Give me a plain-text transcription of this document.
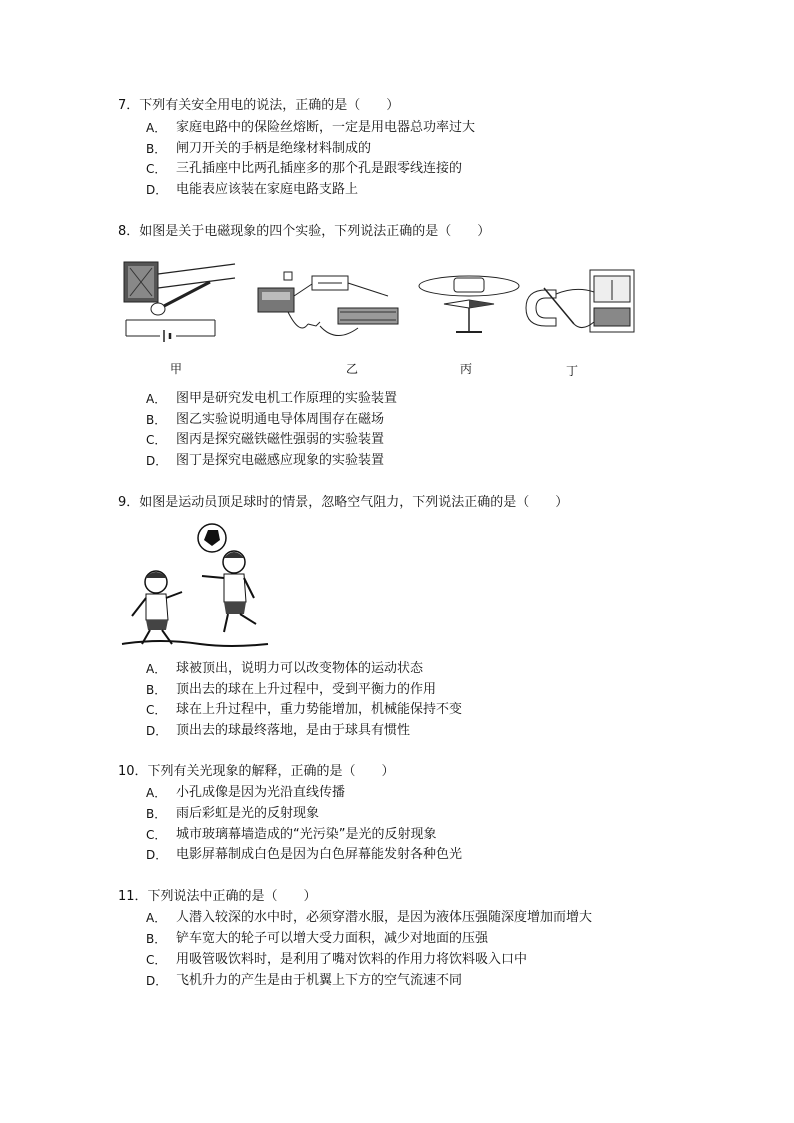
7．下列有关安全用电的说法，正确的是（　　）
A． 家庭电路中的保险丝熔断，一定是用电器总功率过大
B． 闸刀开关的手柄是绝缘材料制成的
C． 三孔插座中比两孔插座多的那个孔是跟零线连接的
D． 电能表应该装在家庭电路支路上
8．如图是关于电磁现象的四个实验，下列说法正确的是（　　）
甲	乙	丙	丁
A． 图甲是研究发电机工作原理的实验装置
B． 图乙实验说明通电导体周围存在磁场
C． 图丙是探究磁铁磁性强弱的实验装置
D． 图丁是探究电磁感应现象的实验装置
9．如图是运动员顶足球时的情景，忽略空气阻力，下列说法正确的是（　　）
A． 球被顶出，说明力可以改变物体的运动状态
B． 顶出去的球在上升过程中，受到平衡力的作用
C． 球在上升过程中，重力势能增加，机械能保持不变
D． 顶出去的球最终落地，是由于球具有惯性
10．下列有关光现象的解释，正确的是（　　）
A． 小孔成像是因为光沿直线传播
B． 雨后彩虹是光的反射现象
C． 城市玻璃幕墙造成的“光污染”是光的反射现象
D． 电影屏幕制成白色是因为白色屏幕能发射各种色光
11．下列说法中正确的是（　　）
A． 人潜入较深的水中时，必须穿潜水服，是因为液体压强随深度增加而增大
B． 铲车宽大的轮子可以增大受力面积，减少对地面的压强
C． 用吸管吸饮料时，是利用了嘴对饮料的作用力将饮料吸入口中
D． 飞机升力的产生是由于机翼上下方的空气流速不同
